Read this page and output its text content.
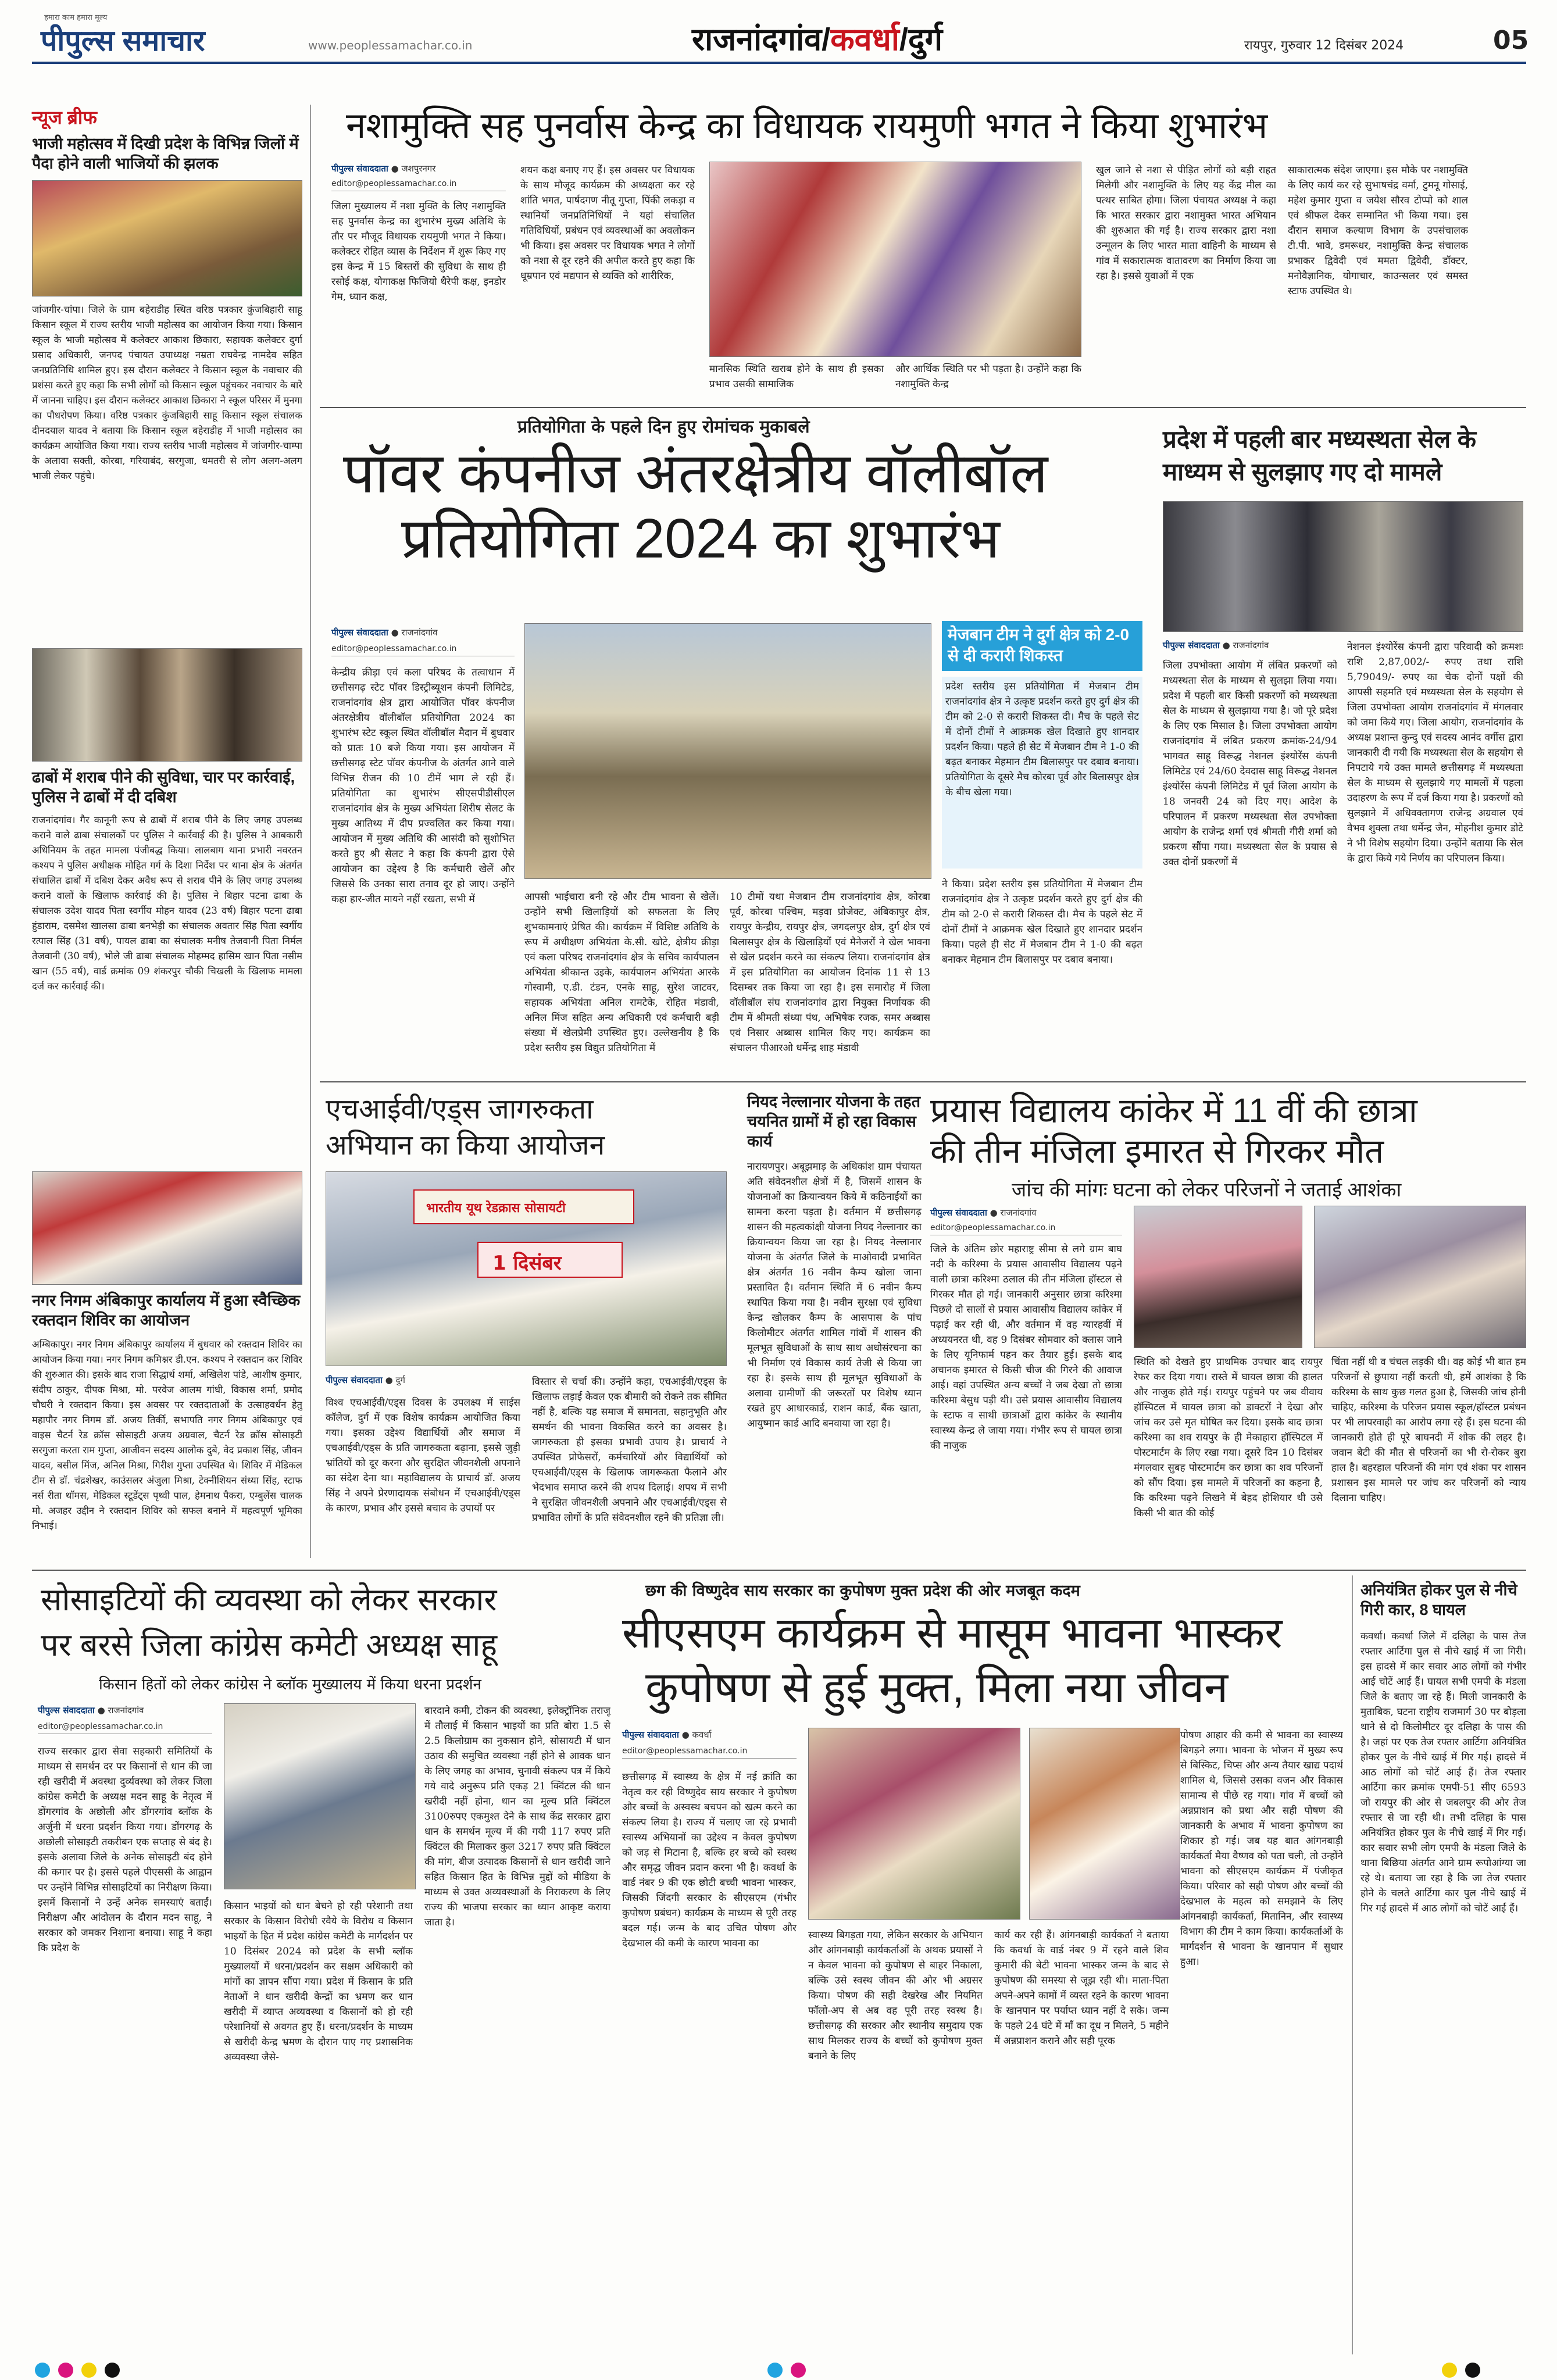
हमारा काम हमारा मूल्य
पीपुल्स समाचार	www.peoplessamachar.co.in	राजनांदगांव/कवर्धा/दुर्ग	रायपुर, गुरुवार 12 दिसंबर 2024	05
न्यूज ब्रीफ
भाजी महोत्सव में दिखी प्रदेश के विभिन्न जिलों में पैदा होने वाली भाजियों की झलक
जांजगीर-चांपा। जिले के ग्राम बहेराडीह स्थित वरिष्ठ पत्रकार कुंजबिहारी साहू किसान स्कूल में राज्य स्तरीय भाजी महोत्सव का आयोजन किया गया। किसान स्कूल के भाजी महोत्सव में कलेक्टर आकाश छिकारा, सहायक कलेक्टर दुर्गा प्रसाद अधिकारी, जनपद पंचायत उपाध्यक्ष नम्रता राघवेन्द्र नामदेव सहित जनप्रतिनिधि शामिल हुए। इस दौरान कलेक्टर ने किसान स्कूल के नवाचार की प्रशंसा करते हुए कहा कि सभी लोगों को किसान स्कूल पहुंचकर नवाचार के बारे में जानना चाहिए। इस दौरान कलेक्टर आकाश छिकारा ने स्कूल परिसर में मुनगा का पौधरोपण किया। वरिष्ठ पत्रकार कुंजबिहारी साहू किसान स्कूल संचालक दीनदयाल यादव ने बताया कि किसान स्कूल बहेराडीह में भाजी महोत्सव का कार्यक्रम आयोजित किया गया। राज्य स्तरीय भाजी महोत्सव में जांजगीर-चाम्पा के अलावा सक्ती, कोरबा, गरियाबंद, सरगुजा, धमतरी से लोग अलग-अलग भाजी लेकर पहुंचे।
ढाबों में शराब पीने की सुविधा, चार पर कार्रवाई, पुलिस ने ढाबों में दी दबिश
राजनांदगांव। गैर कानूनी रूप से ढाबों में शराब पीने के लिए जगह उपलब्ध कराने वाले ढाबा संचालकों पर पुलिस ने कार्रवाई की है। पुलिस ने आबकारी अधिनियम के तहत मामला पंजीबद्ध किया। लालबाग थाना प्रभारी नवरतन कश्यप ने पुलिस अधीक्षक मोहित गर्ग के दिशा निर्देश पर थाना क्षेत्र के अंतर्गत संचालित ढाबों में दबिश देकर अवैध रूप से शराब पीने के लिए जगह उपलब्ध कराने वालों के खिलाफ कार्रवाई की है। पुलिस ने बिहार पटना ढाबा के संचालक उदेश यादव पिता स्वर्गीय मोहन यादव (23 वर्ष) बिहार पटना ढाबा हुंडाराम, दसमेश खालसा ढाबा बनभेड़ी का संचालक अवतार सिंह पिता स्वर्गीय रत्पाल सिंह (31 वर्ष), पायल ढाबा का संचालक मनीष तेजवानी पिता निर्मल तेजवानी (30 वर्ष), भोले जी ढाबा संचालक मोहम्मद हासिम खान पिता नसीम खान (55 वर्ष), वार्ड क्रमांक 09 शंकरपुर चौकी चिखली के खिलाफ मामला दर्ज कर कार्रवाई की।
नगर निगम अंबिकापुर कार्यालय में हुआ स्वैच्छिक रक्तदान शिविर का आयोजन
अम्बिकापुर। नगर निगम अंबिकापुर कार्यालय में बुधवार को रक्तदान शिविर का आयोजन किया गया। नगर निगम कमिश्नर डी.एन. कश्यप ने रक्तदान कर शिविर की शुरुआत की। इसके बाद राजा सिद्धार्थ शर्मा, अखिलेश पांडे, आशीष कुमार, संदीप ठाकुर, दीपक मिश्रा, मो. परवेज आलम गांधी, विकास शर्मा, प्रमोद चौधरी ने रक्तदान किया। इस अवसर पर रक्तदाताओं के उत्साहवर्धन हेतु महापौर नगर निगम डॉ. अजय तिर्की, सभापति नगर निगम अंबिकापुर एवं वाइस चैटर्न रेड क्रॉस सोसाइटी अजय अग्रवाल, चैटर्न रेड क्रॉस सोसाइटी सरगुजा करता राम गुप्ता, आजीवन सदस्य आलोक दुबे, वेद प्रकाश सिंह, जीवन यादव, बसील मिंज, अनिल मिश्रा, गिरीश गुप्ता उपस्थित थे। शिविर में मेडिकल टीम से डॉ. चंद्रशेखर, काउंसलर अंजुला मिश्रा, टेक्नीशियन संध्या सिंह, स्टाफ नर्स रीता थॉमस, मेडिकल स्टूडेंट्स पृथ्वी पाल, हेमनाथ पैकरा, एम्बुलेंस चालक मो. अजहर उद्दीन ने रक्तदान शिविर को सफल बनाने में महत्वपूर्ण भूमिका निभाई।
नशामुक्ति सह पुनर्वास केन्द्र का विधायक रायमुणी भगत ने किया शुभारंभ
पीपुल्स संवाददाता ● जशपुरनगर
editor@peoplessamachar.co.in
जिला मुख्यालय में नशा मुक्ति के लिए नशामुक्ति सह पुनर्वास केन्द्र का शुभारंभ मुख्य अतिथि के तौर पर मौजूद विधायक रायमुणी भगत ने किया। कलेक्टर रोहित व्यास के निर्देशन में शुरू किए गए इस केन्द्र में 15 बिस्तरों की सुविधा के साथ ही रसोई कक्ष, योगाकक्ष फिजियो थैरेपी कक्ष, इनडोर गेम, ध्यान कक्ष,
शयन कक्ष बनाए गए हैं। इस अवसर पर विधायक के साथ मौजूद कार्यक्रम की अध्यक्षता कर रहे शांति भगत, पार्षदगण नीतू गुप्ता, पिंकी लकड़ा व स्थानियों जनप्रतिनिधियों ने यहां संचालित गतिविधियों, प्रबंधन एवं व्यवस्थाओं का अवलोकन भी किया। इस अवसर पर विधायक भगत ने लोगों को नशा से दूर रहने की अपील करते हुए कहा कि धूम्रपान एवं मद्यपान से व्यक्ति को शारीरिक,
मानसिक स्थिति खराब होने के साथ ही इसका प्रभाव उसकी सामाजिक
और आर्थिक स्थिति पर भी पड़ता है। उन्होंने कहा कि नशामुक्ति केन्द्र
खुल जाने से नशा से पीड़ित लोगों को बड़ी राहत मिलेगी और नशामुक्ति के लिए यह केंद्र मील का पत्थर साबित होगा। जिला पंचायत अध्यक्ष ने कहा कि भारत सरकार द्वारा नशामुक्त भारत अभियान की शुरुआत की गई है। राज्य सरकार द्वारा नशा उन्मूलन के लिए भारत माता वाहिनी के माध्यम से गांव में सकारात्मक वातावरण का निर्माण किया जा रहा है। इससे युवाओं में एक
साकारात्मक संदेश जाएगा। इस मौके पर नशामुक्ति के लिए कार्य कर रहे सुभाषचंद्र वर्मा, टुमनू गोसाई, महेश कुमार गुप्ता व जयेश सौरव टोप्पो को शाल एवं श्रीफल देकर सम्मानित भी किया गया। इस दौरान समाज कल्याण विभाग के उपसंचालक टी.पी. भावे, डमरूधर, नशामुक्ति केन्द्र संचालक प्रभाकर द्विवेदी एवं ममता द्विवेदी, डॉक्टर, मनोवैज्ञानिक, योगाचार, काउन्सलर एवं समस्त स्टाफ उपस्थित थे।
प्रतियोगिता के पहले दिन हुए रोमांचक मुकाबले
पॉवर कंपनीज अंतरक्षेत्रीय वॉलीबॉल
प्रतियोगिता 2024 का शुभारंभ
पीपुल्स संवाददाता ● राजनांदगांव
editor@peoplessamachar.co.in
केन्द्रीय क्रीड़ा एवं कला परिषद के तत्वाधान में छत्तीसगढ़ स्टेट पॉवर डिस्ट्रीब्यूशन कंपनी लिमिटेड, राजनांदगांव क्षेत्र द्वारा आयोजित पॉवर कंपनीज अंतरक्षेत्रीय वॉलीबॉल प्रतियोगिता 2024 का शुभारंभ स्टेट स्कूल स्थित वॉलीबॉल मैदान में बुधवार को प्रातः 10 बजे किया गया। इस आयोजन में छत्तीसगढ़ स्टेट पॉवर कंपनीज के अंतर्गत आने वाले विभिन्न रीजन की 10 टीमें भाग ले रही हैं। प्रतियोगिता का शुभारंभ सीएसपीडीसीएल राजनांदगांव क्षेत्र के मुख्य अभियंता शिरीष सेलट के मुख्य आतिथ्य में दीप प्रज्वलित कर किया गया। आयोजन में मुख्य अतिथि की आसंदी को सुशोभित करते हुए श्री सेलट ने कहा कि कंपनी द्वारा ऐसे आयोजन का उद्देश्य है कि कर्मचारी खेलें और जिससे कि उनका सारा तनाव दूर हो जाए। उन्होंने कहा हार-जीत मायने नहीं रखता, सभी में	आपसी भाईचारा बनी रहे और टीम भावना से खेलें। उन्होंने सभी खिलाड़ियों को सफलता के लिए शुभकामनाएं प्रेषित की। कार्यक्रम में विशिष्ट अतिथि के रूप में अधीक्षण अभियंता के.सी. खोटे, क्षेत्रीय क्रीड़ा एवं कला परिषद राजनांदगांव क्षेत्र के सचिव कार्यपालन अभियंता श्रीकान्त उइके, कार्यपालन अभियंता आरके गोस्वामी, ए.डी. टंडन, एनके साहू, सुरेश जाटवर, सहायक अभियंता अनिल रामटेके, रोहित मंडावी, अनिल मिंज सहित अन्य अधिकारी एवं कर्मचारी बड़ी संख्या में खेलप्रेमी उपस्थित हुए। उल्लेखनीय है कि प्रदेश स्तरीय इस विद्युत प्रतियोगिता में
10 टीमों यथा मेजबान टीम राजनांदगांव क्षेत्र, कोरबा पूर्व, कोरबा पश्चिम, मड़वा प्रोजेक्ट, अंबिकापुर क्षेत्र, रायपुर केन्द्रीय, रायपुर क्षेत्र, जगदलपुर क्षेत्र, दुर्ग क्षेत्र एवं बिलासपुर क्षेत्र के खिलाड़ियों एवं मैनेजरों ने खेल भावना से खेल प्रदर्शन करने का संकल्प लिया। राजनांदगांव क्षेत्र में इस प्रतियोगिता का आयोजन दिनांक 11 से 13 दिसम्बर तक किया जा रहा है। इस समारोह में जिला वॉलीबॉल संघ राजनांदगांव द्वारा नियुक्त निर्णायक की टीम में श्रीमती संध्या पंथ, अभिषेक रजक, समर अब्बास एवं निसार अब्बास शामिल किए गए। कार्यक्रम का संचालन पीआरओ धर्मेन्द्र शाह मंडावी
मेजबान टीम ने दुर्ग क्षेत्र को 2-0 से दी करारी शिकस्त
प्रदेश स्तरीय इस प्रतियोगिता में मेजबान टीम राजनांदगांव क्षेत्र ने उत्कृष्ट प्रदर्शन करते हुए दुर्ग क्षेत्र की टीम को 2-0 से करारी शिकस्त दी। मैच के पहले सेट में दोनों टीमों ने आक्रमक खेल दिखाते हुए शानदार प्रदर्शन किया। पहले ही सेट में मेजबान टीम ने 1-0 की बढ़त बनाकर मेहमान टीम बिलासपुर पर दबाव बनाया। प्रतियोगिता के दूसरे मैच कोरबा पूर्व और बिलासपुर क्षेत्र के बीच खेला गया।
ने किया। प्रदेश स्तरीय इस प्रतियोगिता में मेजबान टीम राजनांदगांव क्षेत्र ने उत्कृष्ट प्रदर्शन करते हुए दुर्ग क्षेत्र की टीम को 2-0 से करारी शिकस्त दी। मैच के पहले सेट में दोनों टीमों ने आक्रमक खेल दिखाते हुए शानदार प्रदर्शन किया। पहले ही सेट में मेजबान टीम ने 1-0 की बढ़त बनाकर मेहमान टीम बिलासपुर पर दबाव बनाया।
प्रदेश में पहली बार मध्यस्थता सेल के माध्यम से सुलझाए गए दो मामले
पीपुल्स संवाददाता ● राजनांदगांव
जिला उपभोक्ता आयोग में लंबित प्रकरणों को मध्यस्थता सेल के माध्यम से सुलझा लिया गया। प्रदेश में पहली बार किसी प्रकरणों को मध्यस्थता सेल के माध्यम से सुलझाया गया है। जो पूरे प्रदेश के लिए एक मिसाल है। जिला उपभोक्ता आयोग राजनांदगांव में लंबित प्रकरण क्रमांक-24/94 भागवत साहू विरूद्ध नेशनल इंश्योरेंस कंपनी लिमिटेड एवं 24/60 देवदास साहू विरूद्ध नेशनल इंश्योरेंस कंपनी लिमिटेड में पूर्व जिला आयोग के 18 जनवरी 24 को दिए गए। आदेश के परिपालन में प्रकरण मध्यस्थता सेल उपभोक्ता आयोग के राजेन्द्र शर्मा एवं श्रीमती गीरी शर्मा को प्रकरण सौंपा गया। मध्यस्थता सेल के प्रयास से उक्त दोनों प्रकरणों में
नेशनल इंश्योरेंस कंपनी द्वारा परिवादी को क्रमशः राशि 2,87,002/- रुपए तथा राशि 5,79049/- रुपए का चेक दोनों पक्षों की आपसी सहमति एवं मध्यस्थता सेल के सहयोग से जिला उपभोक्ता आयोग राजनांदगांव में मंगलवार को जमा किये गए। जिला आयोग, राजनांदगांव के अध्यक्ष प्रशान्त कुन्दु एवं सदस्य आनंद वर्गीस द्वारा जानकारी दी गयी कि मध्यस्थता सेल के सहयोग से निपटाये गये उक्त मामले छत्तीसगढ़ में मध्यस्थता सेल के माध्यम से सुलझाये गए मामलों में पहला उदाहरण के रूप में दर्ज किया गया है। प्रकरणों को सुलझाने में अधिवक्तागण राजेन्द्र अग्रवाल एवं वैभव शुक्ला तथा धर्मेन्द्र जैन, मोहनीश कुमार डोटे ने भी विशेष सहयोग दिया। उन्होंने बताया कि सेल के द्वारा किये गये निर्णय का परिपालन किया।
एचआईवी/एड्स जागरुकता अभियान का किया आयोजन
भारतीय यूथ रेडक्रास सोसायटी
1 दिसंबर
पीपुल्स संवाददाता ● दुर्ग
विश्व एचआईवी/एड्स दिवस के उपलक्ष्य में साईस कॉलेज, दुर्ग में एक विशेष कार्यक्रम आयोजित किया गया। इसका उद्देश्य विद्यार्थियों और समाज में एचआईवी/एड्स के प्रति जागरुकता बढ़ाना, इससे जुड़ी भ्रांतियों को दूर करना और सुरक्षित जीवनशैली अपनाने का संदेश देना था। महाविद्यालय के प्राचार्य डॉ. अजय सिंह ने अपने प्रेरणादायक संबोधन में एचआईवी/एड्स के कारण, प्रभाव और इससे बचाव के उपायों पर
विस्तार से चर्चा की। उन्होंने कहा, एचआईवी/एड्स के खिलाफ लड़ाई केवल एक बीमारी को रोकने तक सीमित नहीं है, बल्कि यह समाज में समानता, सहानुभूति और समर्थन की भावना विकसित करने का अवसर है। जागरुकता ही इसका प्रभावी उपाय है। प्राचार्य ने उपस्थित प्रोफेसरों, कर्मचारियों और विद्यार्थियों को एचआईवी/एड्स के खिलाफ जागरूकता फैलाने और भेदभाव समाप्त करने की शपथ दिलाई। शपथ में सभी ने सुरक्षित जीवनशैली अपनाने और एचआईवी/एड्स से प्रभावित लोगों के प्रति संवेदनशील रहने की प्रतिज्ञा ली।
नियद नेल्लानार योजना के तहत चयनित ग्रामों में हो रहा विकास कार्य
नारायणपुर। अबूझमाड़ के अधिकांश ग्राम पंचायत अति संवेदनशील क्षेत्रों में है, जिसमें शासन के योजनाओं का क्रियान्वयन किये में कठिनाईयों का सामना करना पड़ता है। वर्तमान में छत्तीसगढ़ शासन की महत्वकांक्षी योजना नियद नेल्लानार का क्रियान्वयन किया जा रहा है। नियद नेल्लानार योजना के अंतर्गत जिले के माओवादी प्रभावित क्षेत्र अंतर्गत 16 नवीन कैम्प खोला जाना प्रस्तावित है। वर्तमान स्थिति में 6 नवीन कैम्प स्थापित किया गया है। नवीन सुरक्षा एवं सुविधा केन्द्र खोलकर कैम्प के आसपास के पांच किलोमीटर अंतर्गत शामिल गांवों में शासन की मूलभूत सुविधाओं के साथ साथ अधोसंरचना का भी निर्माण एवं विकास कार्य तेजी से किया जा रहा है। इसके साथ ही मूलभूत सुविधाओं के अलावा ग्रामीणों की जरूरतों पर विशेष ध्यान रखते हुए आधारकार्ड, राशन कार्ड, बैंक खाता, आयुष्मान कार्ड आदि बनवाया जा रहा है।
प्रयास विद्यालय कांकेर में 11 वीं की छात्रा
की तीन मंजिला इमारत से गिरकर मौत
जांच की मांगः घटना को लेकर परिजनों ने जताई आशंका
पीपुल्स संवाददाता ● राजनांदगांव
editor@peoplessamachar.co.in
जिले के अंतिम छोर महाराष्ट्र सीमा से लगे ग्राम बाघ नदी के करिश्मा के प्रयास आवासीय विद्यालय पढ़ने वाली छात्रा करिश्मा ठलाल की तीन मंजिला हॉस्टल से गिरकर मौत हो गई। जानकारी अनुसार छात्रा करिश्मा पिछले दो सालों से प्रयास आवासीय विद्यालय कांकेर में पढ़ाई कर रही थी, और वर्तमान में वह ग्यारहवीं में अध्ययनरत थी, वह 9 दिसंबर सोमवार को क्लास जाने के लिए यूनिफार्म पहन कर तैयार हुई। इसके बाद अचानक इमारत से किसी चीज की गिरने की आवाज आई। वहां उपस्थित अन्य बच्चों ने जब देखा तो छात्रा करिश्मा बेसुध पड़ी थी। उसे प्रयास आवासीय विद्यालय के स्टाफ व साथी छात्राओं द्वारा कांकेर के स्थानीय स्वास्थ्य केन्द्र ले जाया गया। गंभीर रूप से घायल छात्रा की नाजुक
स्थिति को देखते हुए प्राथमिक उपचार बाद रायपुर रेफर कर दिया गया। रास्ते में घायल छात्रा की हालत और नाजुक होते गई। रायपुर पहुंचने पर जब वीवाय हॉस्पिटल में घायल छात्रा को डाक्टरों ने देखा और जांच कर उसे मृत घोषित कर दिया। इसके बाद छात्रा करिश्मा का शव रायपुर के ही मेकाहारा हॉस्पिटल में पोस्टमार्टम के लिए रखा गया। दूसरे दिन 10 दिसंबर मंगलवार सुबह पोस्टमार्टम कर छात्रा का शव परिजनों को सौंप दिया। इस मामले में परिजनों का कहना है, कि करिश्मा पढ़ने लिखने में बेहद होशियार थी उसे किसी भी बात की कोई
चिंता नहीं थी व चंचल लड़की थी। वह कोई भी बात हम परिजनों से छुपाया नहीं करती थी, हमें आशंका है कि करिश्मा के साथ कुछ गलत हुआ है, जिसकी जांच होनी चाहिए, करिश्मा के परिजन प्रयास स्कूल/हॉस्टल प्रबंधन पर भी लापरवाही का आरोप लगा रहे हैं। इस घटना की जानकारी होते ही पूरे बाघनदी में शोक की लहर है। जवान बेटी की मौत से परिजनों का भी रो-रोकर बुरा हाल है। बहरहाल परिजनों की मांग एवं शंका पर शासन प्रशासन इस मामले पर जांच कर परिजनों को न्याय दिलाना चाहिए।
सोसाइटियों की व्यवस्था को लेकर सरकार
पर बरसे जिला कांग्रेस कमेटी अध्यक्ष साहू
किसान हितों को लेकर कांग्रेस ने ब्लॉक मुख्यालय में किया धरना प्रदर्शन
पीपुल्स संवाददाता ● राजनांदगांव
editor@peoplessamachar.co.in
राज्य सरकार द्वारा सेवा सहकारी समितियों के माध्यम से समर्थन दर पर किसानों से धान की जा रही खरीदी में अवस्था दुर्व्यवस्था को लेकर जिला कांग्रेस कमेटी के अध्यक्ष मदन साहू के नेतृत्व में डोंगरगांव के अछोली और डोंगरगांव ब्लॉक के अर्जुनी में धरना प्रदर्शन किया गया। डोंगरगढ़ के अछोली सोसाइटी तकरीबन एक सप्ताह से बंद है। इसके अलावा जिले के अनेक सोसाइटी बंद होने की कगार पर है। इससे पहले पीएससी के आह्वान पर उन्होंने विभिन्न सोसाइटियों का निरीक्षण किया। इसमें किसानों ने उन्हें अनेक समस्याएं बताईं। निरीक्षण और आंदोलन के दौरान मदन साहू, ने सरकार को जमकर निशाना बनाया। साहू ने कहा कि प्रदेश के
किसान भाइयों को धान बेचने हो रही परेशानी तथा सरकार के किसान विरोधी रवैये के विरोध व किसान भाइयों के हित में प्रदेश कांग्रेस कमेटी के मार्गदर्शन पर 10 दिसंबर 2024 को प्रदेश के सभी ब्लॉक मुख्यालयों में धरना/प्रदर्शन कर सक्षम अधिकारी को मांगों का ज्ञापन सौंपा गया। प्रदेश में किसान के प्रति नेताओं ने धान खरीदी केन्द्रों का भ्रमण कर धान खरीदी में व्याप्त अव्यवस्था व किसानों को हो रही परेशानियों से अवगत हुए हैं। धरना/प्रदर्शन के माध्यम से खरीदी केन्द्र भ्रमण के दौरान पाए गए प्रशासनिक अव्यवस्था जैसे-
बारदाने कमी, टोकन की व्यवस्था, इलेक्ट्रॉनिक तराजू में तौलाई में किसान भाइयों का प्रति बोरा 1.5 से 2.5 किलोग्राम का नुकसान होने, सोसायटी में धान उठाव की समुचित व्यवस्था नहीं होने से आवक धान के लिए जगह का अभाव, चुनावी संकल्प पत्र में किये गये वादे अनुरूप प्रति एकड़ 21 क्विंटल की धान खरीदी नहीं होना, धान का मूल्य प्रति क्विंटल 3100रुपए एकमुश्त देने के साथ केंद्र सरकार द्वारा धान के समर्थन मूल्य में की गयी 117 रुपए प्रति क्विंटल की मिलाकर कुल 3217 रुपए प्रति क्विंटल की मांग, बीज उत्पादक किसानों से धान खरीदी जाने सहित किसान हित के विभिन्न मुद्दों को मीडिया के माध्यम से उक्त अव्यवस्थाओं के निराकरण के लिए राज्य की भाजपा सरकार का ध्यान आकृष्ट कराया जाता है।
छग की विष्णुदेव साय सरकार का कुपोषण मुक्त प्रदेश की ओर मजबूत कदम
सीएसएम कार्यक्रम से मासूम भावना भास्कर
कुपोषण से हुई मुक्त, मिला नया जीवन
पीपुल्स संवाददाता ● कवर्धा
editor@peoplessamachar.co.in
छत्तीसगढ़ में स्वास्थ्य के क्षेत्र में नई क्रांति का नेतृत्व कर रही विष्णुदेव साय सरकार ने कुपोषण और बच्चों के अस्वस्थ बचपन को खत्म करने का संकल्प लिया है। राज्य में चलाए जा रहे प्रभावी स्वास्थ्य अभियानों का उद्देश्य न केवल कुपोषण को जड़ से मिटाना है, बल्कि हर बच्चे को स्वस्थ और समृद्ध जीवन प्रदान करना भी है। कवर्धा के वार्ड नंबर 9 की एक छोटी बच्ची भावना भास्कर, जिसकी जिंदगी सरकार के सीएसएम (गंभीर कुपोषण प्रबंधन) कार्यक्रम के माध्यम से पूरी तरह बदल गई। जन्म के बाद उचित पोषण और देखभाल की कमी के कारण भावना का
स्वास्थ्य बिगड़ता गया, लेकिन सरकार के अभियान और आंगनबाड़ी कार्यकर्ताओं के अथक प्रयासों ने न केवल भावना को कुपोषण से बाहर निकाला, बल्कि उसे स्वस्थ जीवन की ओर भी अग्रसर किया। पोषण की सही देखरेख और नियमित फॉलो-अप से अब वह पूरी तरह स्वस्थ है। छत्तीसगढ़ की सरकार और स्थानीय समुदाय एक साथ मिलकर राज्य के बच्चों को कुपोषण मुक्त बनाने के लिए
कार्य कर रही हैं। आंगनबाड़ी कार्यकर्ता ने बताया कि कवर्धा के वार्ड नंबर 9 में रहने वाले शिव कुमारी की बेटी भावना भास्कर जन्म के बाद से कुपोषण की समस्या से जूझ रही थी। माता-पिता अपने-अपने कामों में व्यस्त रहने के कारण भावना के खानपान पर पर्याप्त ध्यान नहीं दे सके। जन्म के पहले 24 घंटे में माँ का दूध न मिलने, 5 महीने में अन्नप्राशन कराने और सही पूरक
पोषण आहार की कमी से भावना का स्वास्थ्य बिगड़ने लगा। भावना के भोजन में मुख्य रूप से बिस्किट, चिप्स और अन्य तैयार खाद्य पदार्थ शामिल थे, जिससे उसका वजन और विकास सामान्य से पीछे रह गया। गांव में बच्चों को अन्नप्राशन को प्रथा और सही पोषण की जानकारी के अभाव में भावना कुपोषण का शिकार हो गई। जब यह बात आंगनबाड़ी कार्यकर्ता मैया वैष्णव को पता चली, तो उन्होंने भावना को सीएसएम कार्यक्रम में पंजीकृत किया। परिवार को सही पोषण और बच्चों की देखभाल के महत्व को समझाने के लिए आंगनबाड़ी कार्यकर्ता, मितानिन, और स्वास्थ्य विभाग की टीम ने काम किया। कार्यकर्ताओं के मार्गदर्शन से भावना के खानपान में सुधार हुआ।
अनियंत्रित होकर पुल से नीचे गिरी कार, 8 घायल
कवर्धा। कवर्धा जिले में दलिहा के पास तेज रफ्तार आर्टिगा पुल से नीचे खाई में जा गिरी। इस हादसे में कार सवार आठ लोगों को गंभीर आई चोटें आई हैं। घायल सभी एमपी के मंडला जिले के बताए जा रहे हैं। मिली जानकारी के मुताबिक, घटना राष्ट्रीय राजमार्ग 30 पर बोड़ला थाने से दो किलोमीटर दूर दलिहा के पास की है। जहां पर एक तेज रफ्तार आर्टिगा अनियंत्रित होकर पुल के नीचे खाई में गिर गई। हादसे में आठ लोगों को चोटें आई हैं। तेज रफ्तार आर्टिगा कार क्रमांक एमपी-51 सीए 6593 जो रायपुर की ओर से जबलपुर की ओर तेज रफ्तार से जा रही थी। तभी दलिहा के पास अनियंत्रित होकर पुल के नीचे खाई में गिर गई। कार सवार सभी लोग एमपी के मंडला जिले के थाना बिछिया अंतर्गत आने ग्राम रूपोआंग्या जा रहे थे। बताया जा रहा है कि जा तेज रफ्तार होने के चलते आर्टिगा कार पुल नीचे खाई में गिर गई हादसे में आठ लोगों को चोटें आईं हैं।
